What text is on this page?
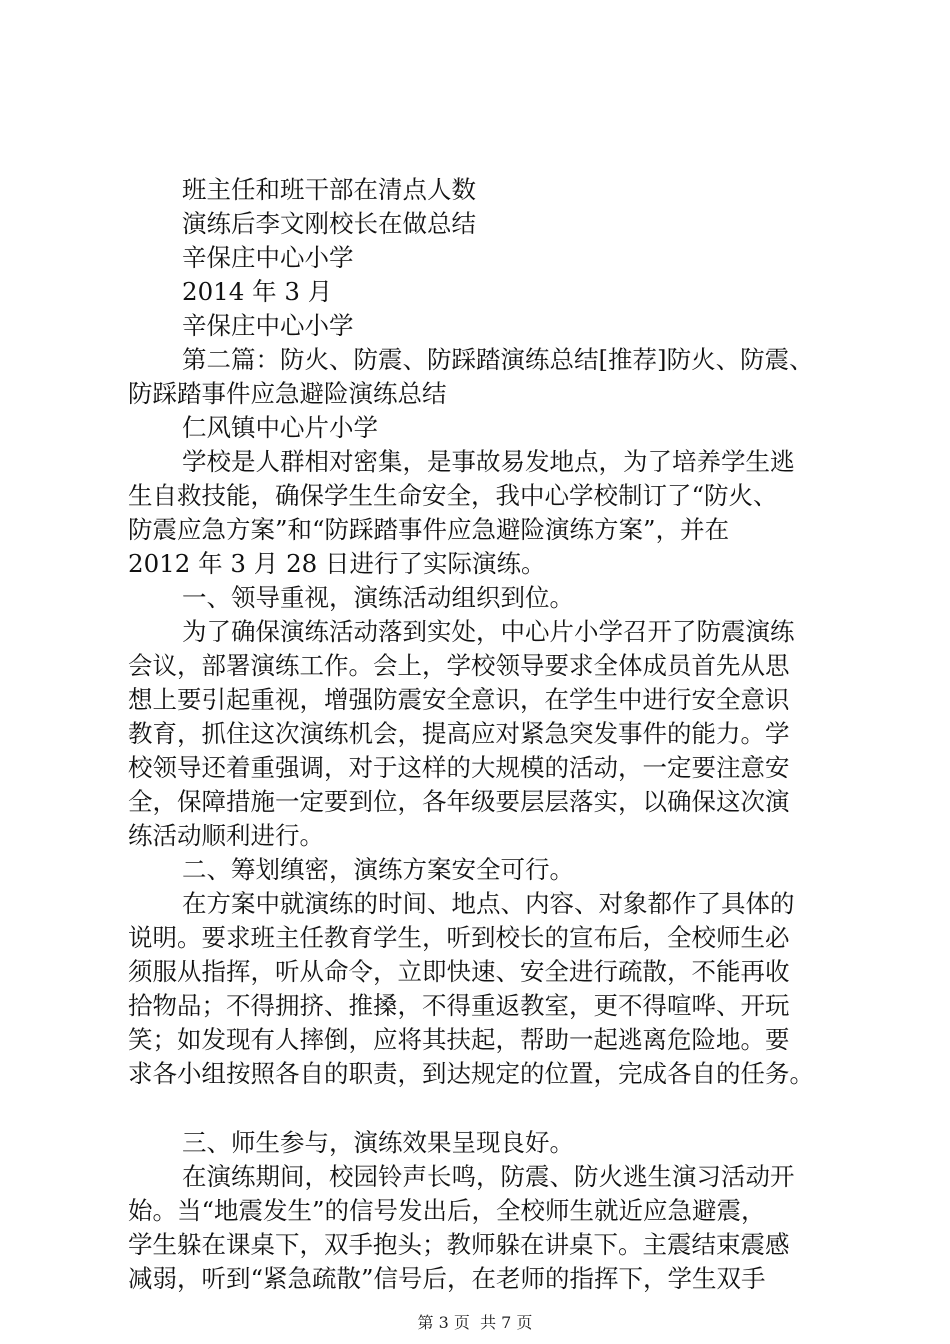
班主任和班干部在清点人数
演练后李文刚校长在做总结
辛保庄中心小学
2014 年 3 月
辛保庄中心小学
第二篇：防火、防震、防踩踏演练总结[推荐]防火、防震、
防踩踏事件应急避险演练总结
仁风镇中心片小学
学校是人群相对密集，是事故易发地点，为了培养学生逃
生自救技能，确保学生生命安全，我中心学校制订了“防火、
防震应急方案”和“防踩踏事件应急避险演练方案”，并在
2012 年 3 月 28 日进行了实际演练。
一、领导重视，演练活动组织到位。
为了确保演练活动落到实处，中心片小学召开了防震演练
会议，部署演练工作。会上，学校领导要求全体成员首先从思
想上要引起重视，增强防震安全意识，在学生中进行安全意识
教育，抓住这次演练机会，提高应对紧急突发事件的能力。学
校领导还着重强调，对于这样的大规模的活动，一定要注意安
全，保障措施一定要到位，各年级要层层落实，以确保这次演
练活动顺利进行。
二、筹划缜密，演练方案安全可行。
在方案中就演练的时间、地点、内容、对象都作了具体的
说明。要求班主任教育学生，听到校长的宣布后，全校师生必
须服从指挥，听从命令，立即快速、安全进行疏散，不能再收
拾物品；不得拥挤、推搡，不得重返教室，更不得喧哗、开玩
笑；如发现有人摔倒，应将其扶起，帮助一起逃离危险地。要
求各小组按照各自的职责，到达规定的位置，完成各自的任务。
三、师生参与，演练效果呈现良好。
在演练期间，校园铃声长鸣，防震、防火逃生演习活动开
始。当“地震发生”的信号发出后，全校师生就近应急避震，
学生躲在课桌下，双手抱头；教师躲在讲桌下。主震结束震感
减弱，听到“紧急疏散”信号后，在老师的指挥下，学生双手
第 3 页  共 7 页
